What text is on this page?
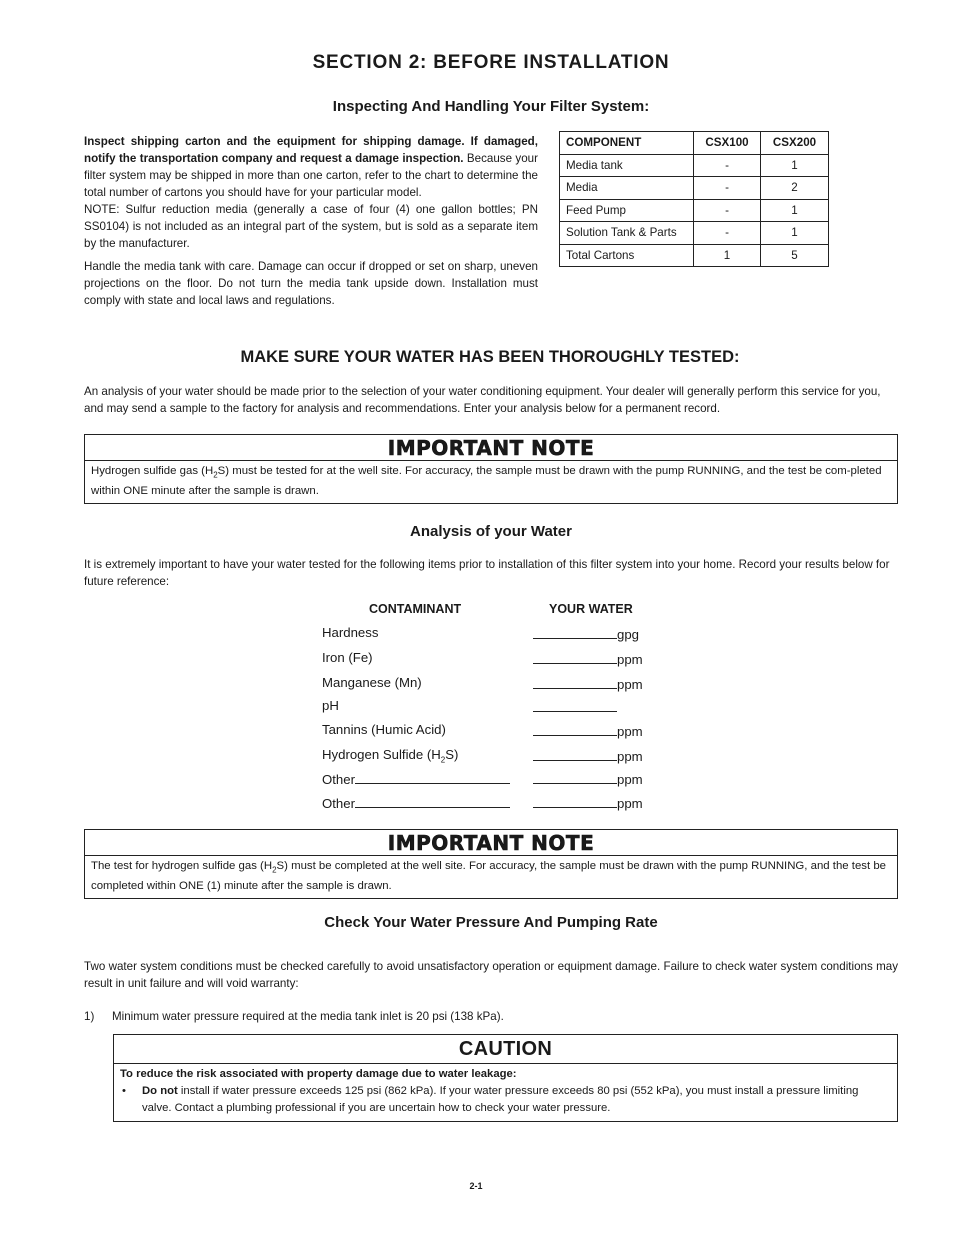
SECTION 2: BEFORE INSTALLATION
Inspecting And Handling Your Filter System:
Inspect shipping carton and the equipment for shipping damage. If damaged, notify the transportation company and request a damage inspection. Because your filter system may be shipped in more than one carton, refer to the chart to determine the total number of cartons you should have for your particular model.
NOTE: Sulfur reduction media (generally a case of four (4) one gallon bottles; PN SS0104) is not included as an integral part of the system, but is sold as a separate item by the manufacturer.
Handle the media tank with care. Damage can occur if dropped or set on sharp, uneven projections on the floor. Do not turn the media tank upside down. Installation must comply with state and local laws and regulations.
COMPONENT	CSX100	CSX200
Media tank	-	1
Media	-	2
Feed Pump	-	1
Solution Tank & Parts	-	1
Total Cartons	1	5
MAKE SURE YOUR WATER HAS BEEN THOROUGHLY TESTED:
An analysis of your water should be made prior to the selection of your water conditioning equipment. Your dealer will generally perform this service for you, and may send a sample to the factory for analysis and recommendations. Enter your analysis below for a permanent record.
IMPORTANT NOTE
Hydrogen sulfide gas $(H_2S)$ must be tested for at the well site. For accuracy, the sample must be drawn with the pump RUNNING, and the test be com-pleted within ONE minute after the sample is drawn.
Analysis of your Water
It is extremely important to have your water tested for the following items prior to installation of this filter system into your home. Record your results below for future reference:
CONTAMINANT	YOUR WATER
Hardness	gpg
Iron (Fe)	ppm
Manganese (Mn)	ppm
pH
Tannins (Humic Acid)	ppm
Hydrogen Sulfide $(H_2S)$	ppm
Other	ppm
Other	ppm
IMPORTANT NOTE
The test for hydrogen sulfide gas $(H_2S)$ must be completed at the well site. For accuracy, the sample must be drawn with the pump RUNNING, and the test be completed within ONE (1) minute after the sample is drawn.
Check Your Water Pressure And Pumping Rate
Two water system conditions must be checked carefully to avoid unsatisfactory operation or equipment damage. Failure to check water system conditions may result in unit failure and will void warranty:
1) Minimum water pressure required at the media tank inlet is 20 psi (138 kPa).
CAUTION
To reduce the risk associated with property damage due to water leakage:
•	Do not install if water pressure exceeds 125 psi (862 kPa). If your water pressure exceeds 80 psi (552 kPa), you must install a pressure limiting valve. Contact a plumbing professional if you are uncertain how to check your water pressure.
2-1
